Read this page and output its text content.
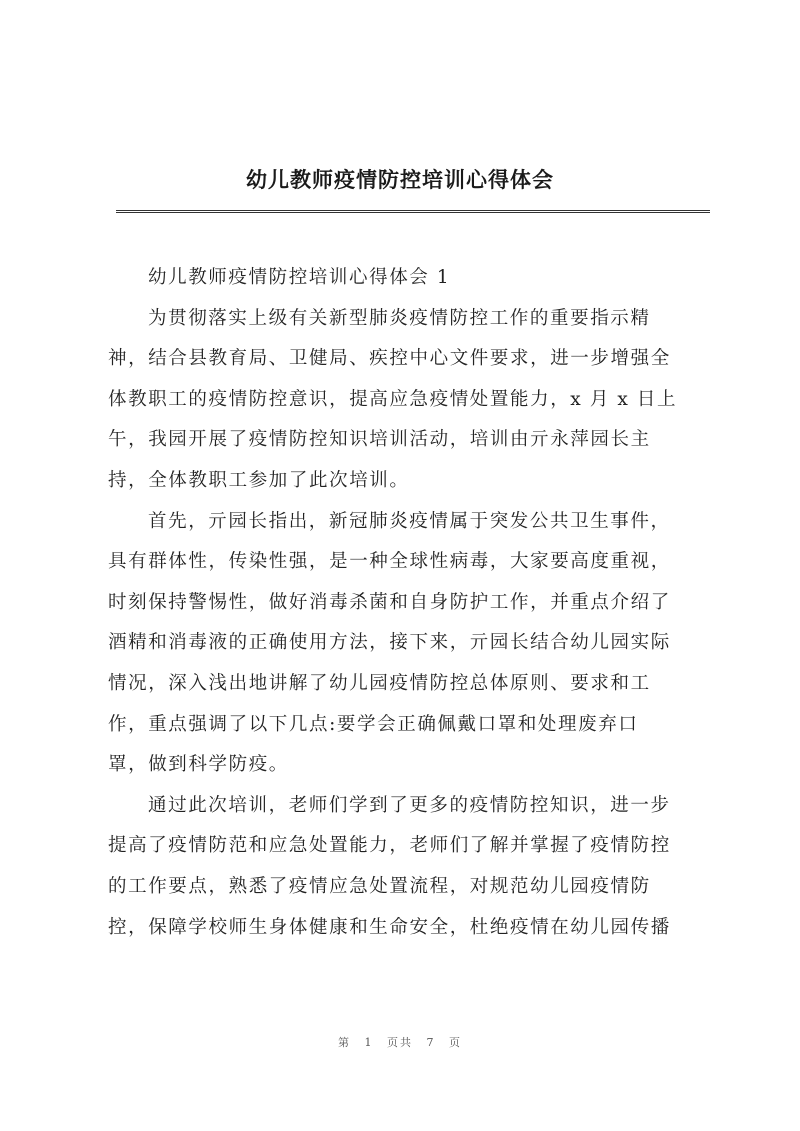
幼儿教师疫情防控培训心得体会
幼儿教师疫情防控培训心得体会 1
为贯彻落实上级有关新型肺炎疫情防控工作的重要指示精
神，结合县教育局、卫健局、疾控中心文件要求，进一步增强全
体教职工的疫情防控意识，提高应急疫情处置能力，x 月 x 日上
午，我园开展了疫情防控知识培训活动，培训由亓永萍园长主
持，全体教职工参加了此次培训。
首先，亓园长指出，新冠肺炎疫情属于突发公共卫生事件，
具有群体性，传染性强，是一种全球性病毒，大家要高度重视，
时刻保持警惕性，做好消毒杀菌和自身防护工作，并重点介绍了
酒精和消毒液的正确使用方法，接下来，亓园长结合幼儿园实际
情况，深入浅出地讲解了幼儿园疫情防控总体原则、要求和工
作，重点强调了以下几点:要学会正确佩戴口罩和处理废弃口
罩，做到科学防疫。
通过此次培训，老师们学到了更多的疫情防控知识，进一步
提高了疫情防范和应急处置能力，老师们了解并掌握了疫情防控
的工作要点，熟悉了疫情应急处置流程，对规范幼儿园疫情防
控，保障学校师生身体健康和生命安全，杜绝疫情在幼儿园传播
第 1 页共 7 页
